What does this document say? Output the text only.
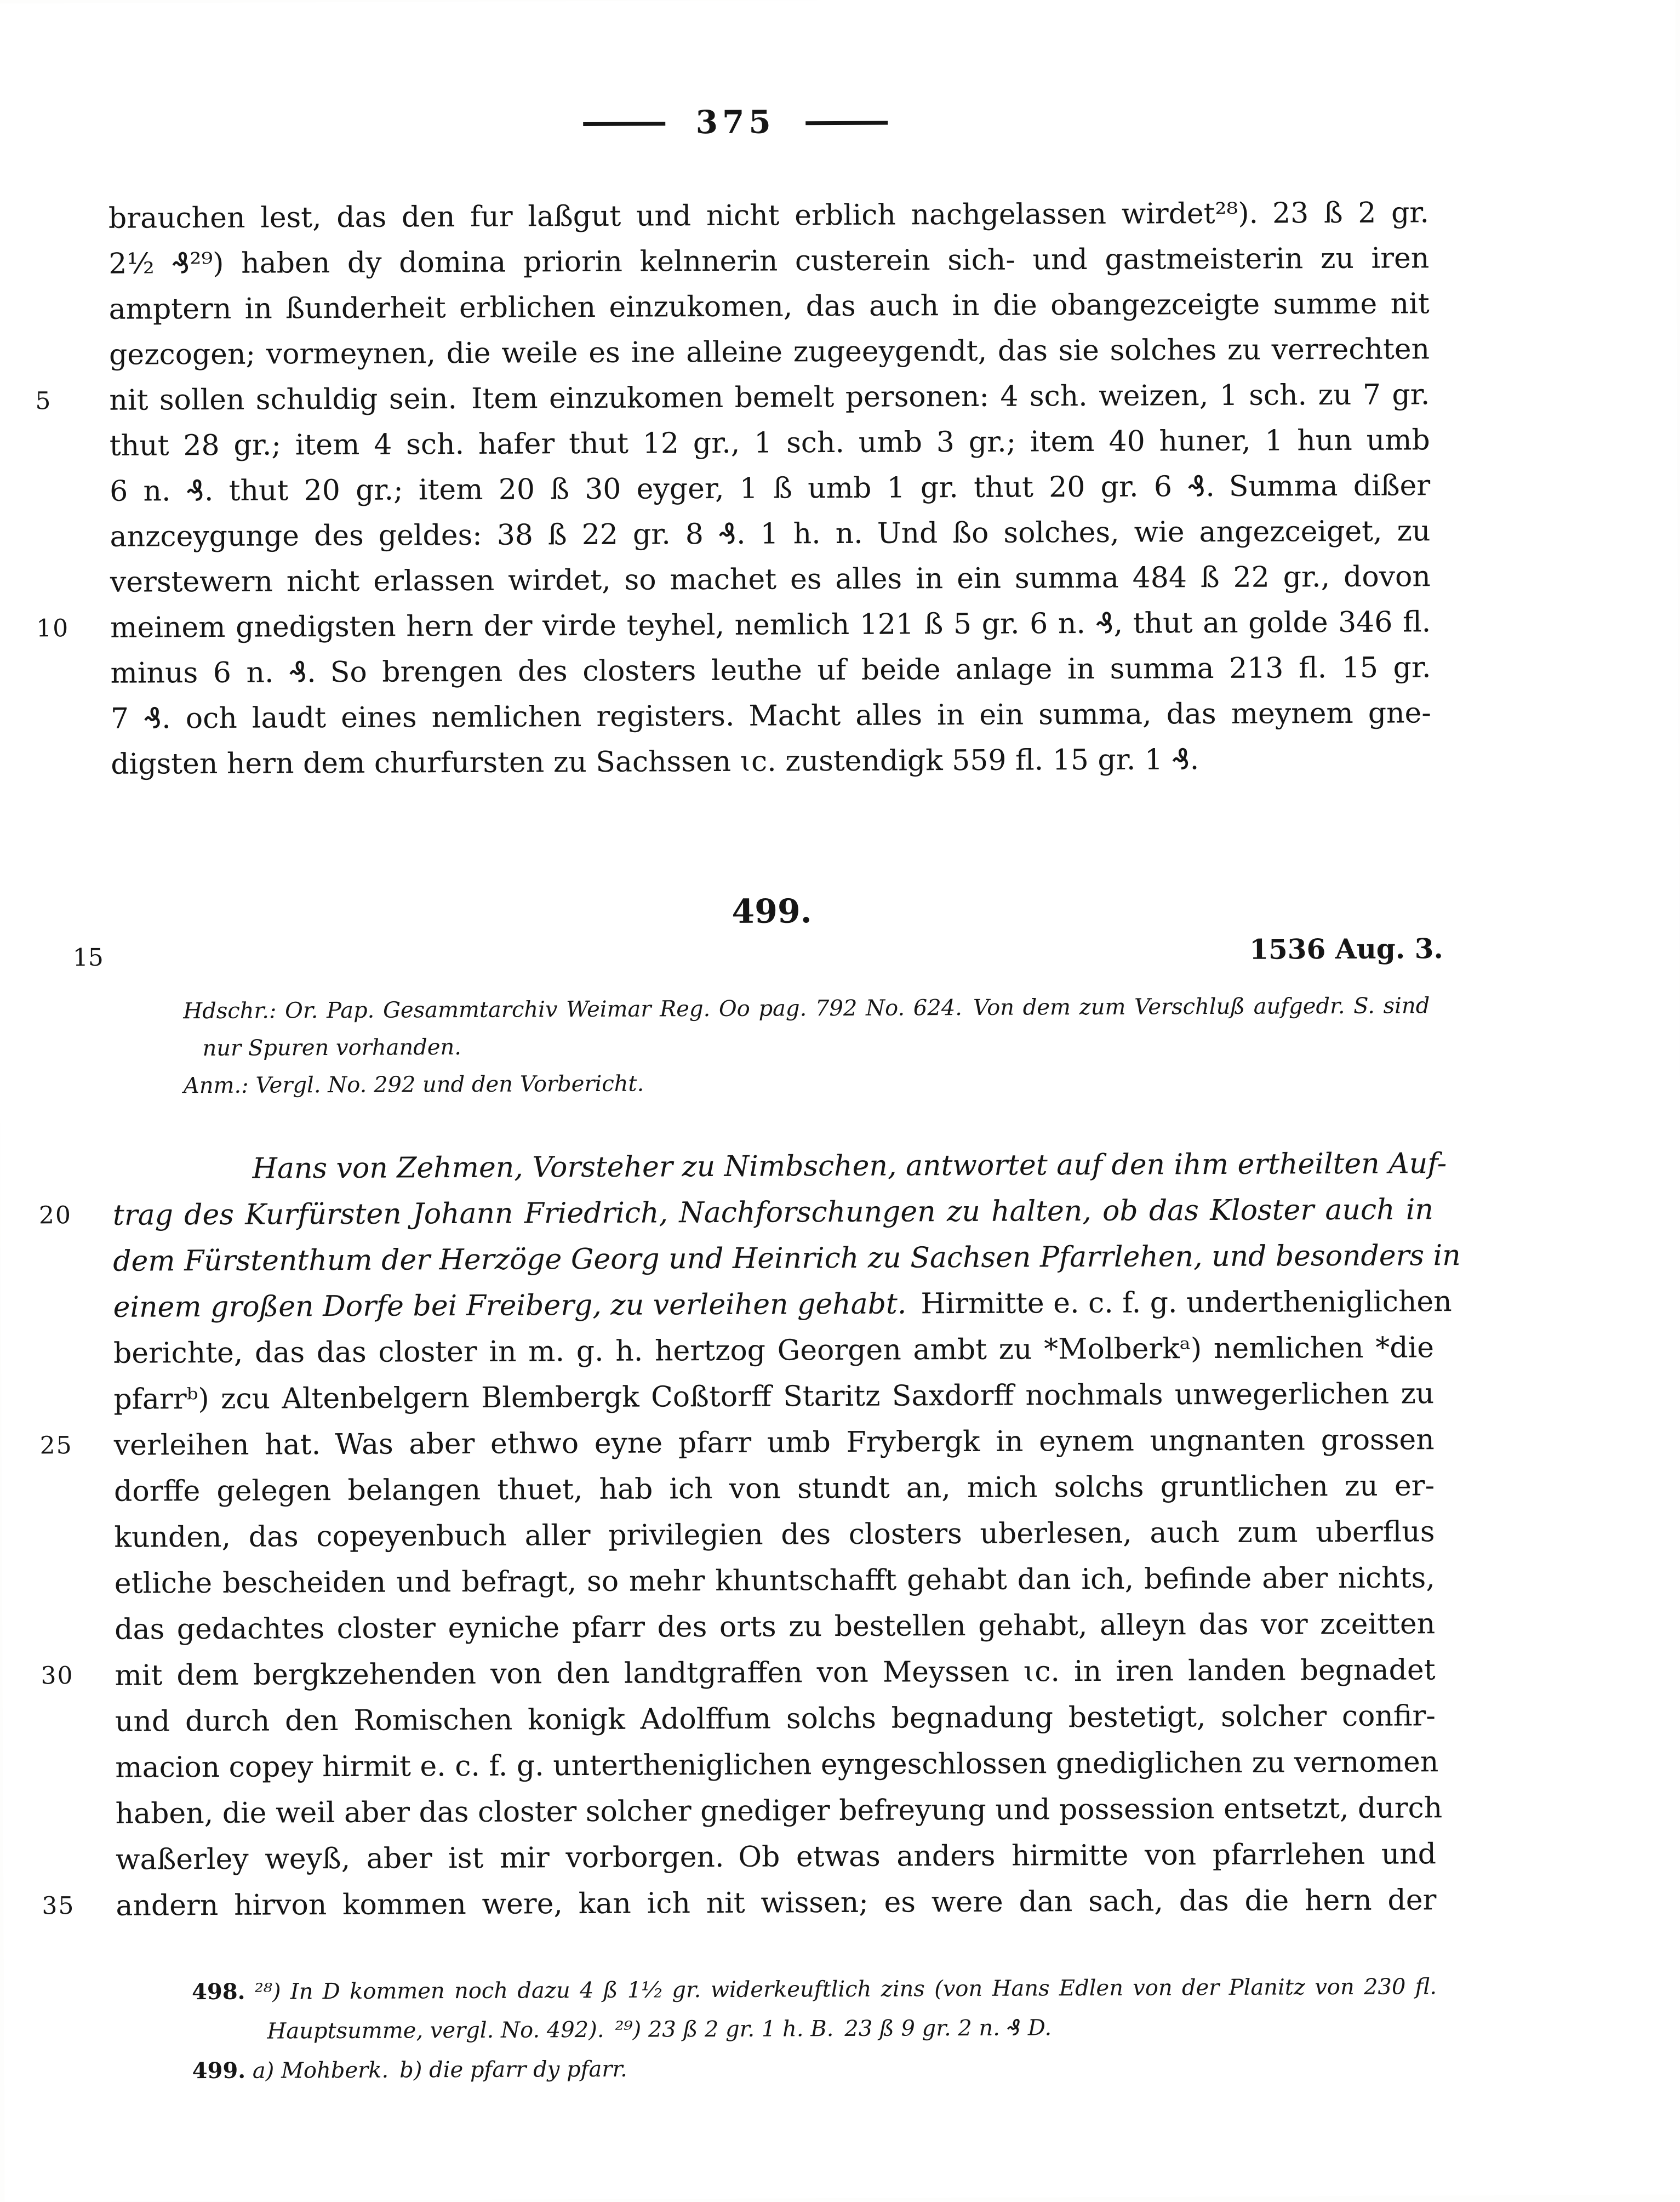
375
brauchen lest, das den fur laßgut und nicht erblich nachgelassen wirdet²⁸). 23 ß 2 gr.
2¹⁄₂ ₰²⁹) haben dy domina priorin kelnnerin custerein sich- und gastmeisterin zu iren
amptern in ßunderheit erblichen einzukomen, das auch in die obangezceigte summe nit
gezcogen; vormeynen, die weile es ine alleine zugeeygendt, das sie solches zu verrechten
5	nit sollen schuldig sein. Item einzukomen bemelt personen: 4 sch. weizen, 1 sch. zu 7 gr.
thut 28 gr.; item 4 sch. hafer thut 12 gr., 1 sch. umb 3 gr.; item 40 huner, 1 hun umb
6 n. ₰. thut 20 gr.; item 20 ß 30 eyger, 1 ß umb 1 gr. thut 20 gr. 6 ₰. Summa dißer
anzceygunge des geldes: 38 ß 22 gr. 8 ₰. 1 h. n. Und ßo solches, wie angezceiget, zu
verstewern nicht erlassen wirdet, so machet es alles in ein summa 484 ß 22 gr., dovon
10	meinem gnedigsten hern der virde teyhel, nemlich 121 ß 5 gr. 6 n. ₰, thut an golde 346 fl.
minus 6 n. ₰. So brengen des closters leuthe uf beide anlage in summa 213 fl. 15 gr.
7 ₰. och laudt eines nemlichen registers. Macht alles in ein summa, das meynem gne-
digsten hern dem churfursten zu Sachssen ɩc. zustendigk 559 fl. 15 gr. 1 ₰.
499.
15	1536 Aug. 3.
Hdschr.: Or. Pap. Gesammtarchiv Weimar Reg. Oo pag. 792 No. 624. Von dem zum Verschluß aufgedr. S. sind
nur Spuren vorhanden.
Anm.: Vergl. No. 292 und den Vorbericht.
Hans von Zehmen, Vorsteher zu Nimbschen, antwortet auf den ihm ertheilten Auf-
20	trag des Kurfürsten Johann Friedrich, Nachforschungen zu halten, ob das Kloster auch in
dem Fürstenthum der Herzöge Georg und Heinrich zu Sachsen Pfarrlehen, und besonders in
einem großen Dorfe bei Freiberg, zu verleihen gehabt. Hirmitte e. c. f. g. undertheniglichen
berichte, das das closter in m. g. h. hertzog Georgen ambt zu *Molberkᵃ) nemlichen *die
pfarrᵇ) zcu Altenbelgern Blembergk Coßtorff Staritz Saxdorff nochmals unwegerlichen zu
25	verleihen hat. Was aber ethwo eyne pfarr umb Frybergk in eynem ungnanten grossen
dorffe gelegen belangen thuet, hab ich von stundt an, mich solchs gruntlichen zu er-
kunden, das copeyenbuch aller privilegien des closters uberlesen, auch zum uberflus
etliche bescheiden und befragt, so mehr khuntschafft gehabt dan ich, befinde aber nichts,
das gedachtes closter eyniche pfarr des orts zu bestellen gehabt, alleyn das vor zceitten
30	mit dem bergkzehenden von den landtgraffen von Meyssen ɩc. in iren landen begnadet
und durch den Romischen konigk Adolffum solchs begnadung bestetigt, solcher confir-
macion copey hirmit e. c. f. g. untertheniglichen eyngeschlossen gnediglichen zu vernomen
haben, die weil aber das closter solcher gnediger befreyung und possession entsetzt, durch
waßerley weyß, aber ist mir vorborgen. Ob etwas anders hirmitte von pfarrlehen und
35	andern hirvon kommen were, kan ich nit wissen; es were dan sach, das die hern der
498. ²⁸) In D kommen noch dazu 4 ß 1¹⁄₂ gr. widerkeuftlich zins (von Hans Edlen von der Planitz von 230 fl.
Hauptsumme, vergl. No. 492). ²⁹) 23 ß 2 gr. 1 h. B. 23 ß 9 gr. 2 n. ₰ D.
499. a) Mohberk. b) die pfarr dy pfarr.
